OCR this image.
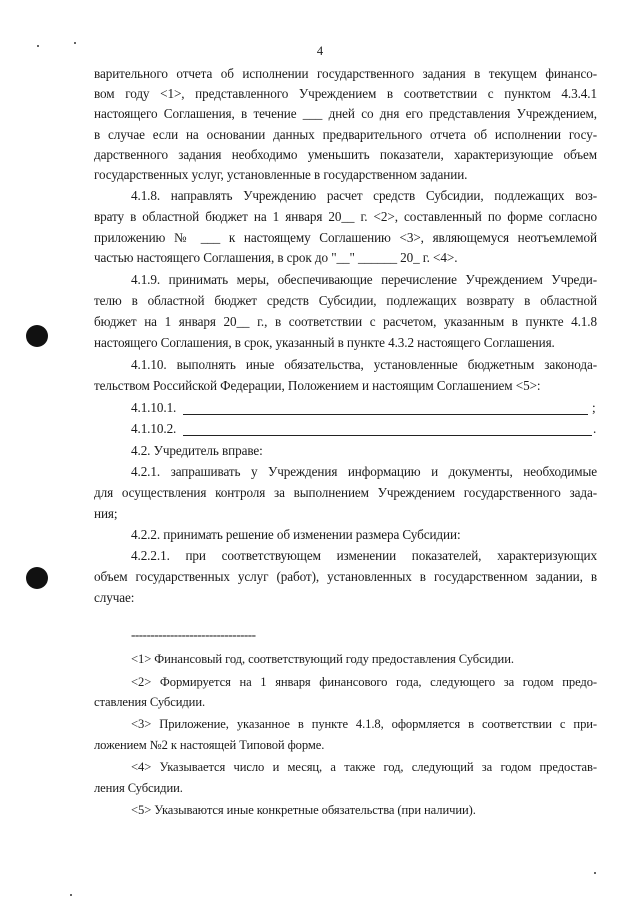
4
варительного отчета об исполнении государственного задания в текущем финансо-
вом году <1>, представленного Учреждением в соответствии с пунктом 4.3.4.1
настоящего Соглашения, в течение ___ дней со дня его представления Учреждением,
в случае если на основании данных предварительного отчета об исполнении госу-
дарственного задания необходимо уменьшить показатели, характеризующие объем
государственных услуг, установленные в государственном задании.
4.1.8. направлять Учреждению расчет средств Субсидии, подлежащих воз-
врату в областной бюджет на 1 января 20__ г. <2>, составленный по форме согласно
приложению № ___ к настоящему Соглашению <3>, являющемуся неотъемлемой
частью настоящего Соглашения, в срок до "__" ______ 20_ г. <4>.
4.1.9. принимать меры, обеспечивающие перечисление Учреждением Учреди-
телю в областной бюджет средств Субсидии, подлежащих возврату в областной
бюджет на 1 января 20__ г., в соответствии с расчетом, указанным в пункте 4.1.8
настоящего Соглашения, в срок, указанный в пункте 4.3.2 настоящего Соглашения.
4.1.10. выполнять иные обязательства, установленные бюджетным законода-
тельством Российской Федерации, Положением и настоящим Соглашением <5>:
4.1.10.1.	;
4.1.10.2.	.
4.2. Учредитель вправе:
4.2.1. запрашивать у Учреждения информацию и документы, необходимые
для осуществления контроля за выполнением Учреждением государственного зада-
ния;
4.2.2. принимать решение об изменении размера Субсидии:
4.2.2.1. при соответствующем изменении показателей, характеризующих
объем государственных услуг (работ), установленных в государственном задании, в
случае:
--------------------------------
<1> Финансовый год, соответствующий году предоставления Субсидии.
<2> Формируется на 1 января финансового года, следующего за годом предо-
ставления Субсидии.
<3> Приложение, указанное в пункте 4.1.8, оформляется в соответствии с при-
ложением №2 к настоящей Типовой форме.
<4> Указывается число и месяц, а также год, следующий за годом предостав-
ления Субсидии.
<5> Указываются иные конкретные обязательства (при наличии).
